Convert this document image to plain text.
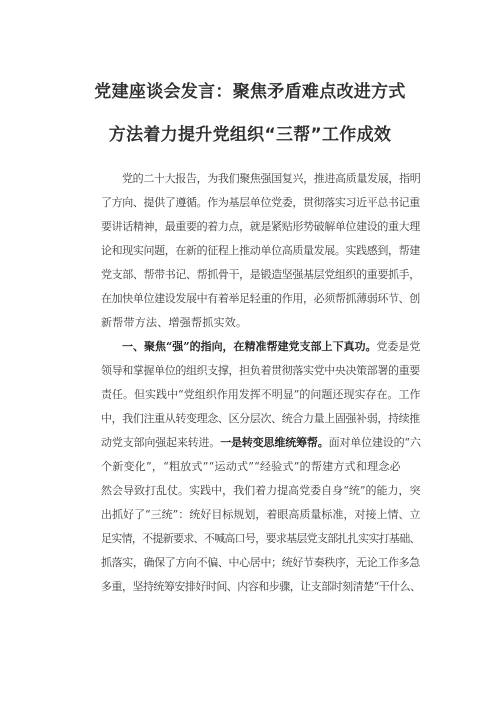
党建座谈会发言：聚焦矛盾难点改进方式
方法着力提升党组织“三帮”工作成效
党的二十大报告，为我们聚焦强国复兴，推进高质量发展，指明
了方向、提供了遵循。作为基层单位党委，贯彻落实习近平总书记重
要讲话精神，最重要的着力点，就是紧贴形势破解单位建设的重大理
论和现实问题，在新的征程上推动单位高质量发展。实践感到，帮建
党支部、帮带书记、帮抓骨干，是锻造坚强基层党组织的重要抓手，
在加快单位建设发展中有着举足轻重的作用，必须帮抓薄弱环节、创
新帮带方法、增强帮抓实效。
一、聚焦“强”的指向，在精准帮建党支部上下真功。党委是党
领导和掌握单位的组织支撑，担负着贯彻落实党中央决策部署的重要
责任。但实践中“党组织作用发挥不明显”的问题还现实存在。工作
中，我们注重从转变理念、区分层次、统合力量上固强补弱，持续推
动党支部向强起来转进。一是转变思维统筹帮。面对单位建设的“六
个新变化”，“粗放式”“运动式”“经验式”的帮建方式和理念必
然会导致打乱仗。实践中，我们着力提高党委自身“统”的能力，突
出抓好了“三统”：统好目标规划，着眼高质量标准，对接上情、立
足实情，不提新要求、不喊高口号，要求基层党支部扎扎实实打基础、
抓落实，确保了方向不偏、中心居中；统好节奏秩序，无论工作多急
多重，坚持统筹安排好时间、内容和步骤，让支部时刻清楚“干什么、
